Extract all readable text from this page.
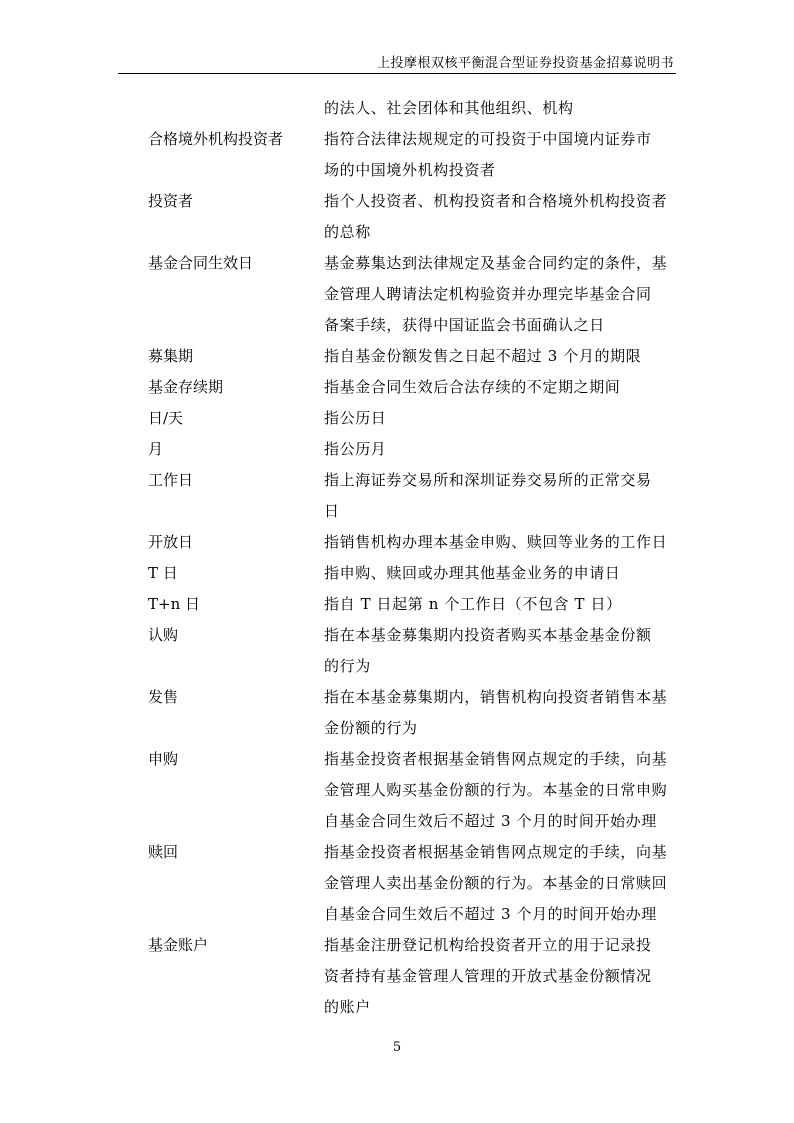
上投摩根双核平衡混合型证券投资基金招募说明书
的法人、社会团体和其他组织、机构
合格境外机构投资者	指符合法律法规规定的可投资于中国境内证券市
场的中国境外机构投资者
投资者	指个人投资者、机构投资者和合格境外机构投资者
的总称
基金合同生效日	基金募集达到法律规定及基金合同约定的条件，基
金管理人聘请法定机构验资并办理完毕基金合同
备案手续，获得中国证监会书面确认之日
募集期	指自基金份额发售之日起不超过 3 个月的期限
基金存续期	指基金合同生效后合法存续的不定期之期间
日/天	指公历日
月	指公历月
工作日	指上海证券交易所和深圳证券交易所的正常交易
日
开放日	指销售机构办理本基金申购、赎回等业务的工作日
T 日	指申购、赎回或办理其他基金业务的申请日
T+n 日	指自 T 日起第 n 个工作日（不包含 T 日）
认购	指在本基金募集期内投资者购买本基金基金份额
的行为
发售	指在本基金募集期内，销售机构向投资者销售本基
金份额的行为
申购	指基金投资者根据基金销售网点规定的手续，向基
金管理人购买基金份额的行为。本基金的日常申购
自基金合同生效后不超过 3 个月的时间开始办理
赎回	指基金投资者根据基金销售网点规定的手续，向基
金管理人卖出基金份额的行为。本基金的日常赎回
自基金合同生效后不超过 3 个月的时间开始办理
基金账户	指基金注册登记机构给投资者开立的用于记录投
资者持有基金管理人管理的开放式基金份额情况
的账户
5
